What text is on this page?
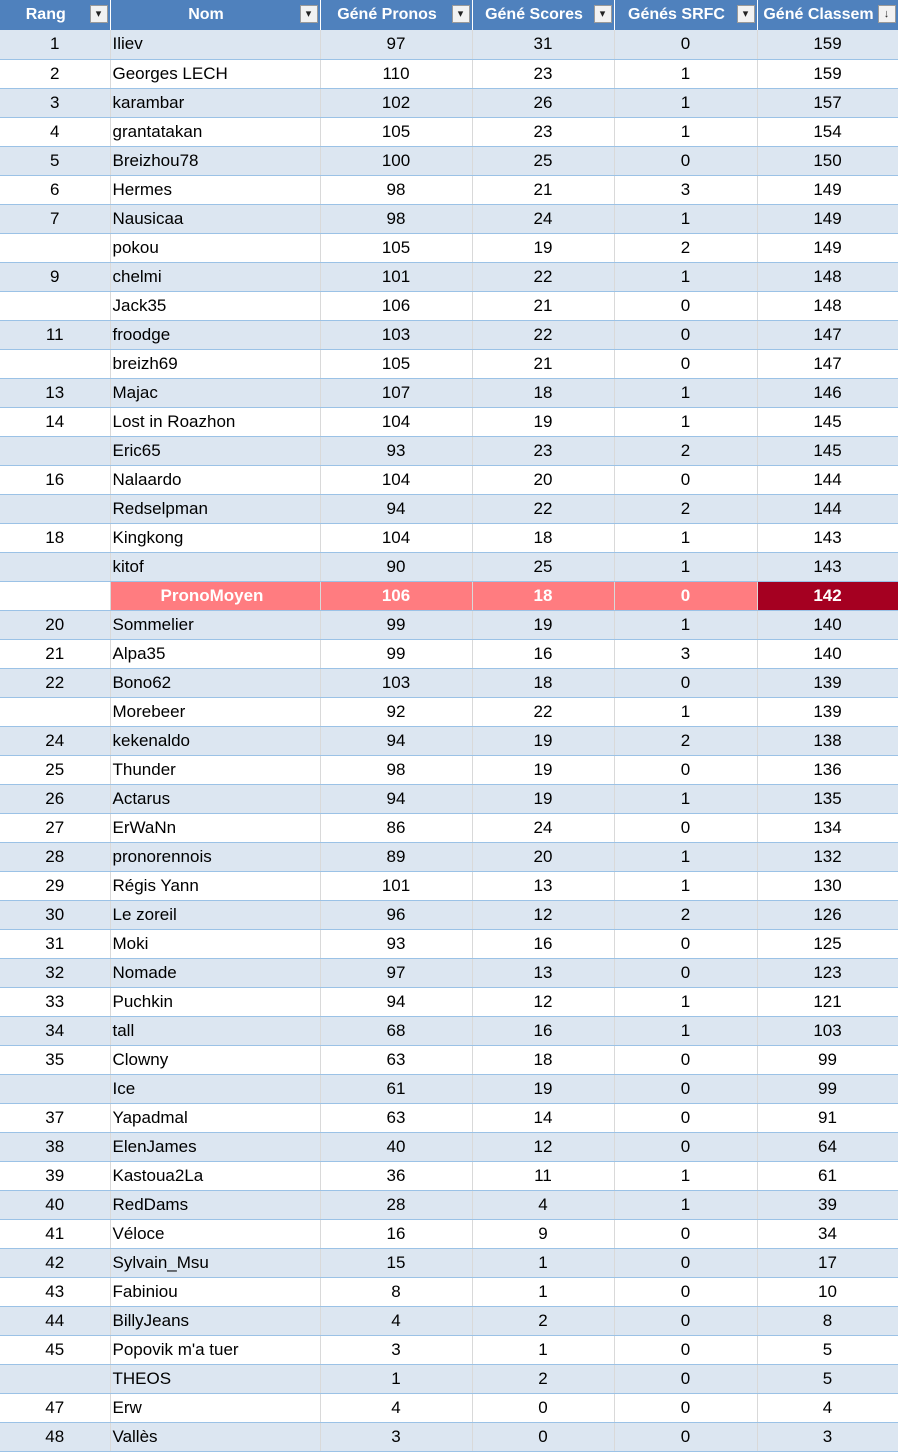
Rang ▾	Nom ▾	Géné Pronos ▾	Géné Scores ▾	Génés SRFC ▾	Géné Classem ↓

1	Iliev	97	31	0	159
2	Georges LECH	110	23	1	159
3	karambar	102	26	1	157
4	grantatakan	105	23	1	154
5	Breizhou78	100	25	0	150
6	Hermes	98	21	3	149
7	Nausicaa	98	24	1	149
	pokou	105	19	2	149
9	chelmi	101	22	1	148
	Jack35	106	21	0	148
11	froodge	103	22	0	147
	breizh69	105	21	0	147
13	Majac	107	18	1	146
14	Lost in Roazhon	104	19	1	145
	Eric65	93	23	2	145
16	Nalaardo	104	20	0	144
	Redselpman	94	22	2	144
18	Kingkong	104	18	1	143
	kitof	90	25	1	143
	PronoMoyen	106	18	0	142
20	Sommelier	99	19	1	140
21	Alpa35	99	16	3	140
22	Bono62	103	18	0	139
	Morebeer	92	22	1	139
24	kekenaldo	94	19	2	138
25	Thunder	98	19	0	136
26	Actarus	94	19	1	135
27	ErWaNn	86	24	0	134
28	pronorennois	89	20	1	132
29	Régis Yann	101	13	1	130
30	Le zoreil	96	12	2	126
31	Moki	93	16	0	125
32	Nomade	97	13	0	123
33	Puchkin	94	12	1	121
34	tall	68	16	1	103
35	Clowny	63	18	0	99
	Ice	61	19	0	99
37	Yapadmal	63	14	0	91
38	ElenJames	40	12	0	64
39	Kastoua2La	36	11	1	61
40	RedDams	28	4	1	39
41	Véloce	16	9	0	34
42	Sylvain_Msu	15	1	0	17
43	Fabiniou	8	1	0	10
44	BillyJeans	4	2	0	8
45	Popovik m'a tuer	3	1	0	5
	THEOS	1	2	0	5
47	Erw	4	0	0	4
48	Vallès	3	0	0	3
